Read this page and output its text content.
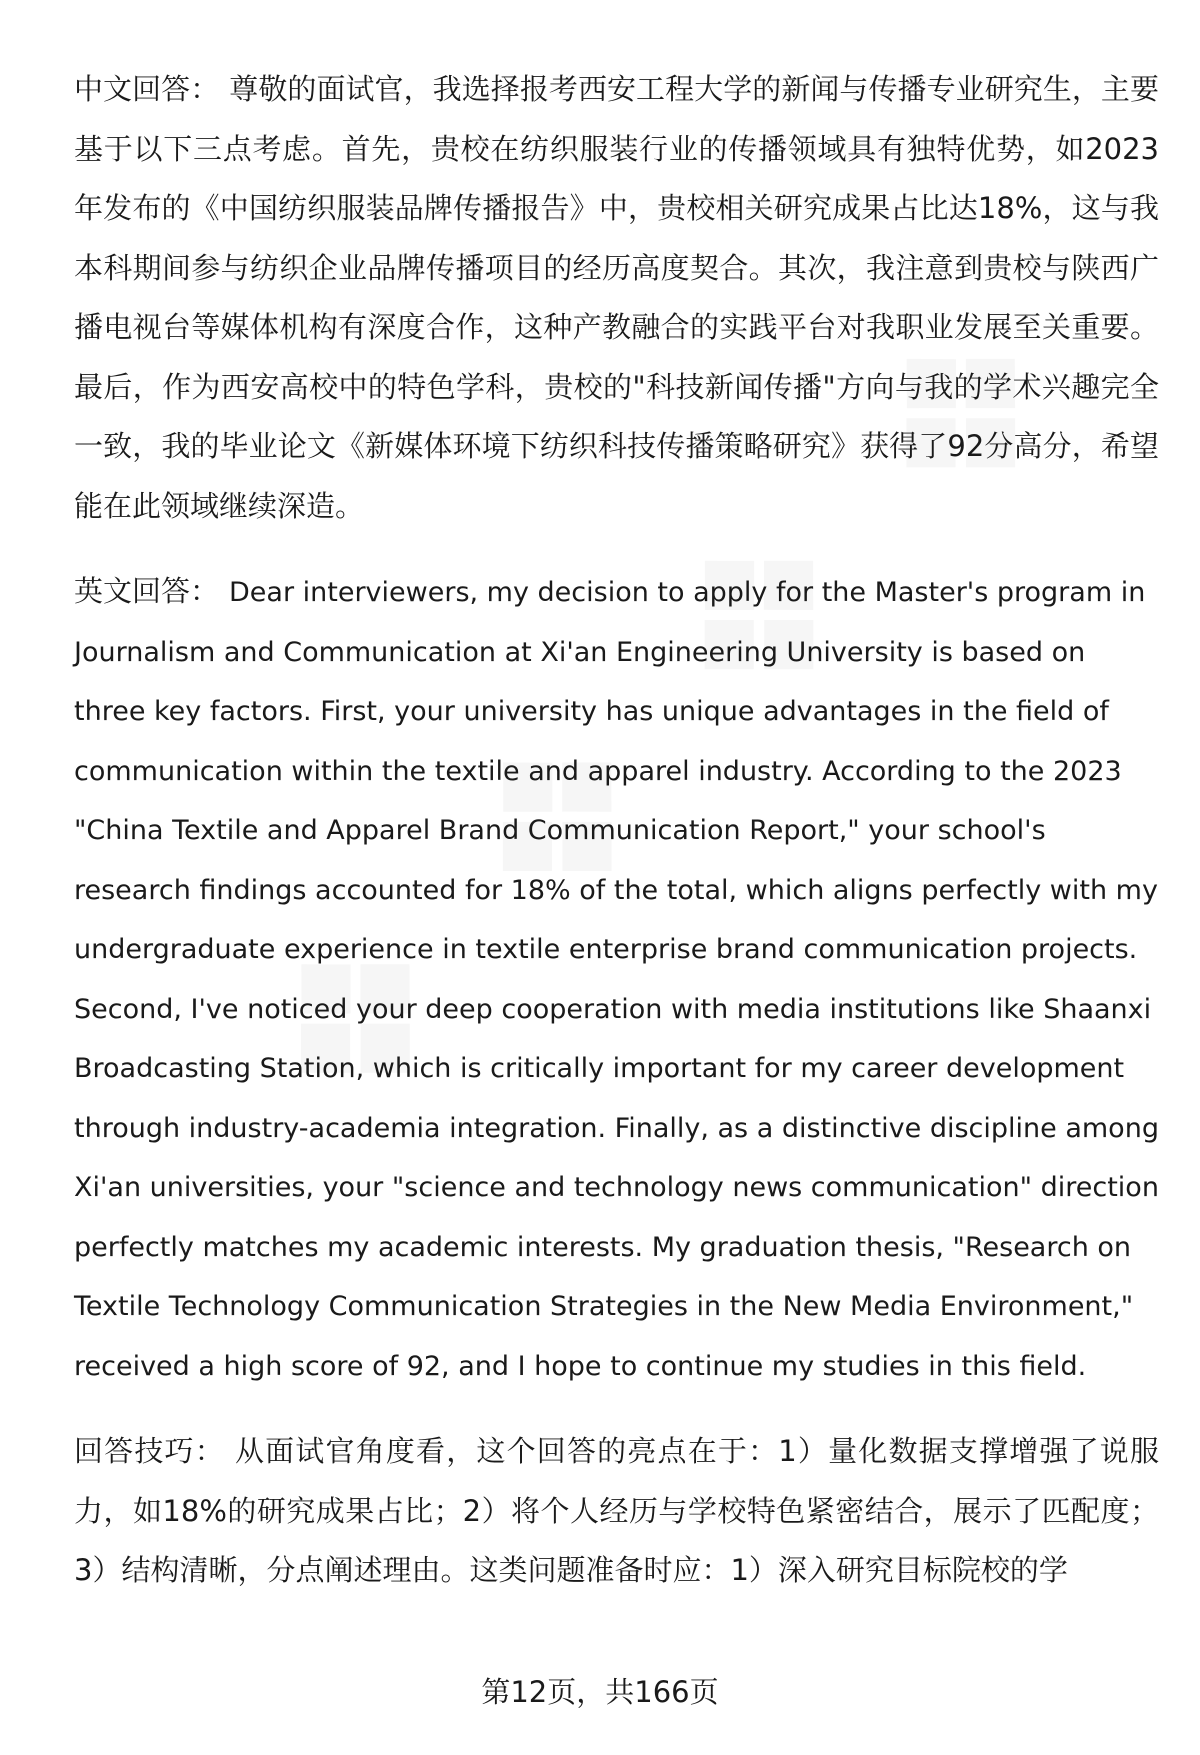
中文回答： 尊敬的面试官，我选择报考西安工程大学的新闻与传播专业研究生，主要基于以下三点考虑。首先，贵校在纺织服装行业的传播领域具有独特优势，如2023年发布的《中国纺织服装品牌传播报告》中，贵校相关研究成果占比达18%，这与我本科期间参与纺织企业品牌传播项目的经历高度契合。其次，我注意到贵校与陕西广播电视台等媒体机构有深度合作，这种产教融合的实践平台对我职业发展至关重要。最后，作为西安高校中的特色学科，贵校的"科技新闻传播"方向与我的学术兴趣完全一致，我的毕业论文《新媒体环境下纺织科技传播策略研究》获得了92分高分，希望能在此领域继续深造。

英文回答： Dear interviewers, my decision to apply for the Master's program in Journalism and Communication at Xi'an Engineering University is based on three key factors. First, your university has unique advantages in the field of communication within the textile and apparel industry. According to the 2023 "China Textile and Apparel Brand Communication Report," your school's research findings accounted for 18% of the total, which aligns perfectly with my undergraduate experience in textile enterprise brand communication projects. Second, I've noticed your deep cooperation with media institutions like Shaanxi Broadcasting Station, which is critically important for my career development through industry-academia integration. Finally, as a distinctive discipline among Xi'an universities, your "science and technology news communication" direction perfectly matches my academic interests. My graduation thesis, "Research on Textile Technology Communication Strategies in the New Media Environment," received a high score of 92, and I hope to continue my studies in this field.

回答技巧： 从面试官角度看，这个回答的亮点在于：1）量化数据支撑增强了说服力，如18%的研究成果占比；2）将个人经历与学校特色紧密结合，展示了匹配度；3）结构清晰，分点阐述理由。这类问题准备时应：1）深入研究目标院校的学

第12页，共166页
